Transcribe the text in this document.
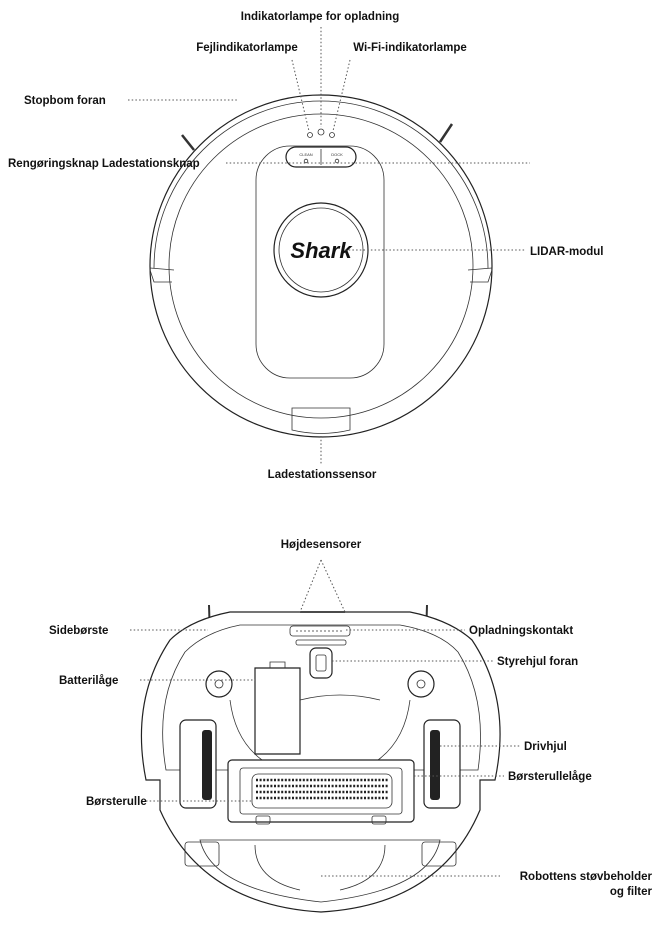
CLEAN	DOCK
Shark
Indikatorlampe for opladning
Fejlindikatorlampe	Wi-Fi-indikatorlampe
Stopbom foran
Rengøringsknap Ladestationsknap
LIDAR-modul
Ladestationssensor
Højdesensorer
Sidebørste	Opladningskontakt
Styrehjul foran
Batterilåge
Drivhjul
Børsterullelåge
Børsterulle
Robottens støvbeholder
og filter
